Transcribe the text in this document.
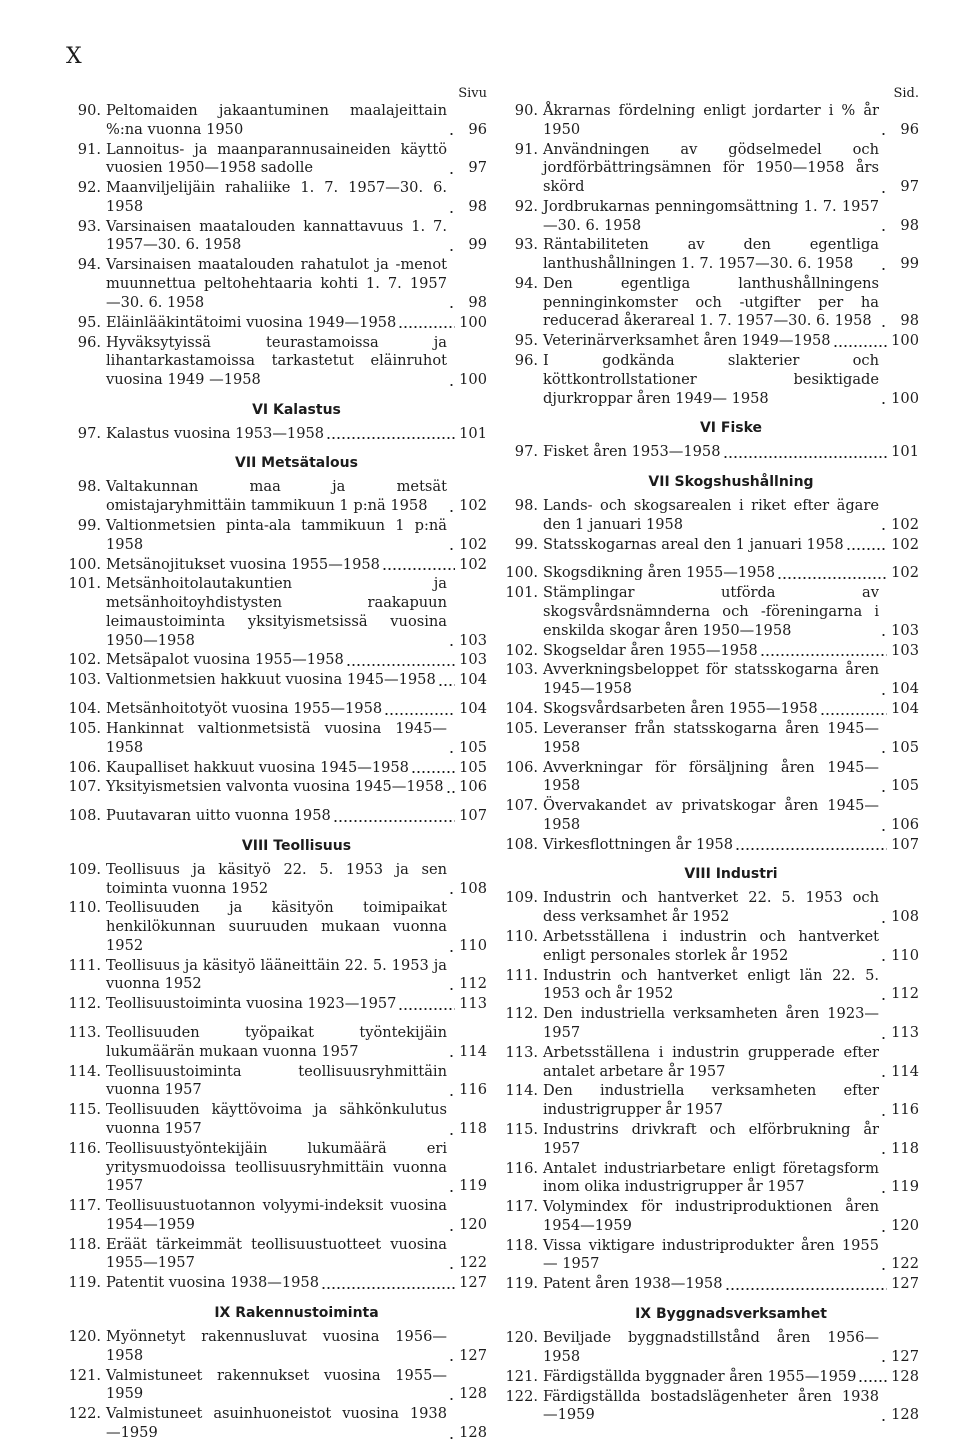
X
Sivu
90. Peltomaiden jakaantuminen maalajeittain %:na vuonna 1950	96
91. Lannoitus- ja maanparannusaineiden käyttö vuosien 1950—1958 sadolle	97
92. Maanviljelijäin rahaliike 1. 7. 1957—30. 6. 1958	98
93. Varsinaisen maatalouden kannattavuus 1. 7. 1957—30. 6. 1958	99
94. Varsinaisen maatalouden rahatulot ja -menot muunnettua peltohehtaaria kohti 1. 7. 1957 —30. 6. 1958	98
95. Eläinlääkintätoimi vuosina 1949—1958	100
96. Hyväksytyissä teurastamoissa ja lihantarkastamoissa tarkastetut eläinruhot vuosina 1949 —1958	100
VI Kalastus
97. Kalastus vuosina 1953—1958	101
VII Metsätalous
98. Valtakunnan maa ja metsät omistajaryhmittäin tammikuun 1 p:nä 1958	102
99. Valtionmetsien pinta-ala tammikuun 1 p:nä 1958	102
100. Metsänojitukset vuosina 1955—1958	102
101. Metsänhoitolautakuntien ja metsänhoitoyhdistysten raakapuun leimaustoiminta yksityismetsissä vuosina 1950—1958	103
102. Metsäpalot vuosina 1955—1958	103
103. Valtionmetsien hakkuut vuosina 1945—1958 104
104. Metsänhoitotyöt vuosina 1955—1958	104
105. Hankinnat valtionmetsistä vuosina 1945—1958	105
106. Kaupalliset hakkuut vuosina 1945—1958	105
107. Yksityismetsien valvonta vuosina 1945—1958 106
108. Puutavaran uitto vuonna 1958	107
VIII Teollisuus
109. Teollisuus ja käsityö 22. 5. 1953 ja sen toiminta vuonna 1952	108
110. Teollisuuden ja käsityön toimipaikat henkilökunnan suuruuden mukaan vuonna 1952	110
111. Teollisuus ja käsityö lääneittäin 22. 5. 1953 ja vuonna 1952	112
112. Teollisuustoiminta vuosina 1923—1957	113
113. Teollisuuden työpaikat työntekijäin lukumäärän mukaan vuonna 1957	114
114. Teollisuustoiminta teollisuusryhmittäin vuonna 1957	116
115. Teollisuuden käyttövoima ja sähkönkulutus vuonna 1957	118
116. Teollisuustyöntekijäin lukumäärä eri yritysmuodoissa teollisuusryhmittäin vuonna 1957	119
117. Teollisuustuotannon volyymi-indeksit vuosina 1954—1959	120
118. Eräät tärkeimmät teollisuustuotteet vuosina 1955—1957	122
119. Patentit vuosina 1938—1958	127
IX Rakennustoiminta
120. Myönnetyt rakennusluvat vuosina 1956—1958	127
121. Valmistuneet rakennukset vuosina 1955—1959	128
122. Valmistuneet asuinhuoneistot vuosina 1938 —1959	128
Sid.
90. Åkrarnas fördelning enligt jordarter i % år 1950	96
91. Användningen av gödselmedel och jordförbättringsämnen för 1950—1958 års skörd	97
92. Jordbrukarnas penningomsättning 1. 7. 1957 —30. 6. 1958	98
93. Räntabiliteten av den egentliga lanthushållningen 1. 7. 1957—30. 6. 1958	99
94. Den egentliga lanthushållningens penninginkomster och -utgifter per ha reducerad åkerareal 1. 7. 1957—30. 6. 1958	98
95. Veterinärverksamhet åren 1949—1958	100
96. I godkända slakterier och köttkontrollstationer besiktigade djurkroppar åren 1949— 1958	100
VI Fiske
97. Fisket åren 1953—1958	101
VII Skogshushållning
98. Lands- och skogsarealen i riket efter ägare den 1 januari 1958	102
99. Statsskogarnas areal den 1 januari 1958	102
100. Skogsdikning åren 1955—1958	102
101. Stämplingar utförda av skogsvårdsnämnderna och -föreningarna i enskilda skogar åren 1950—1958	103
102. Skogseldar åren 1955—1958	103
103. Avverkningsbeloppet för statsskogarna åren 1945—1958	104
104. Skogsvårdsarbeten åren 1955—1958	104
105. Leveranser från statsskogarna åren 1945— 1958	105
106. Avverkningar för försäljning åren 1945—1958	105
107. Övervakandet av privatskogar åren 1945— 1958	106
108. Virkesflottningen år 1958	107
VIII Industri
109. Industrin och hantverket 22. 5. 1953 och dess verksamhet år 1952	108
110. Arbetsställena i industrin och hantverket enligt personales storlek år 1952	110
111. Industrin och hantverket enligt län 22. 5. 1953 och år 1952	112
112. Den industriella verksamheten åren 1923— 1957	113
113. Arbetsställena i industrin grupperade efter antalet arbetare år 1957	114
114. Den industriella verksamheten efter industrigrupper år 1957	116
115. Industrins drivkraft och elförbrukning år 1957	118
116. Antalet industriarbetare enligt företagsform inom olika industrigrupper år 1957	119
117. Volymindex för industriproduktionen åren 1954—1959	120
118. Vissa viktigare industriprodukter åren 1955— 1957	122
119. Patent åren 1938—1958	127
IX Byggnadsverksamhet
120. Beviljade byggnadstillstånd åren 1956—1958	127
121. Färdigställda byggnader åren 1955—1959 128
122. Färdigställda bostadslägenheter åren 1938 —1959	128
